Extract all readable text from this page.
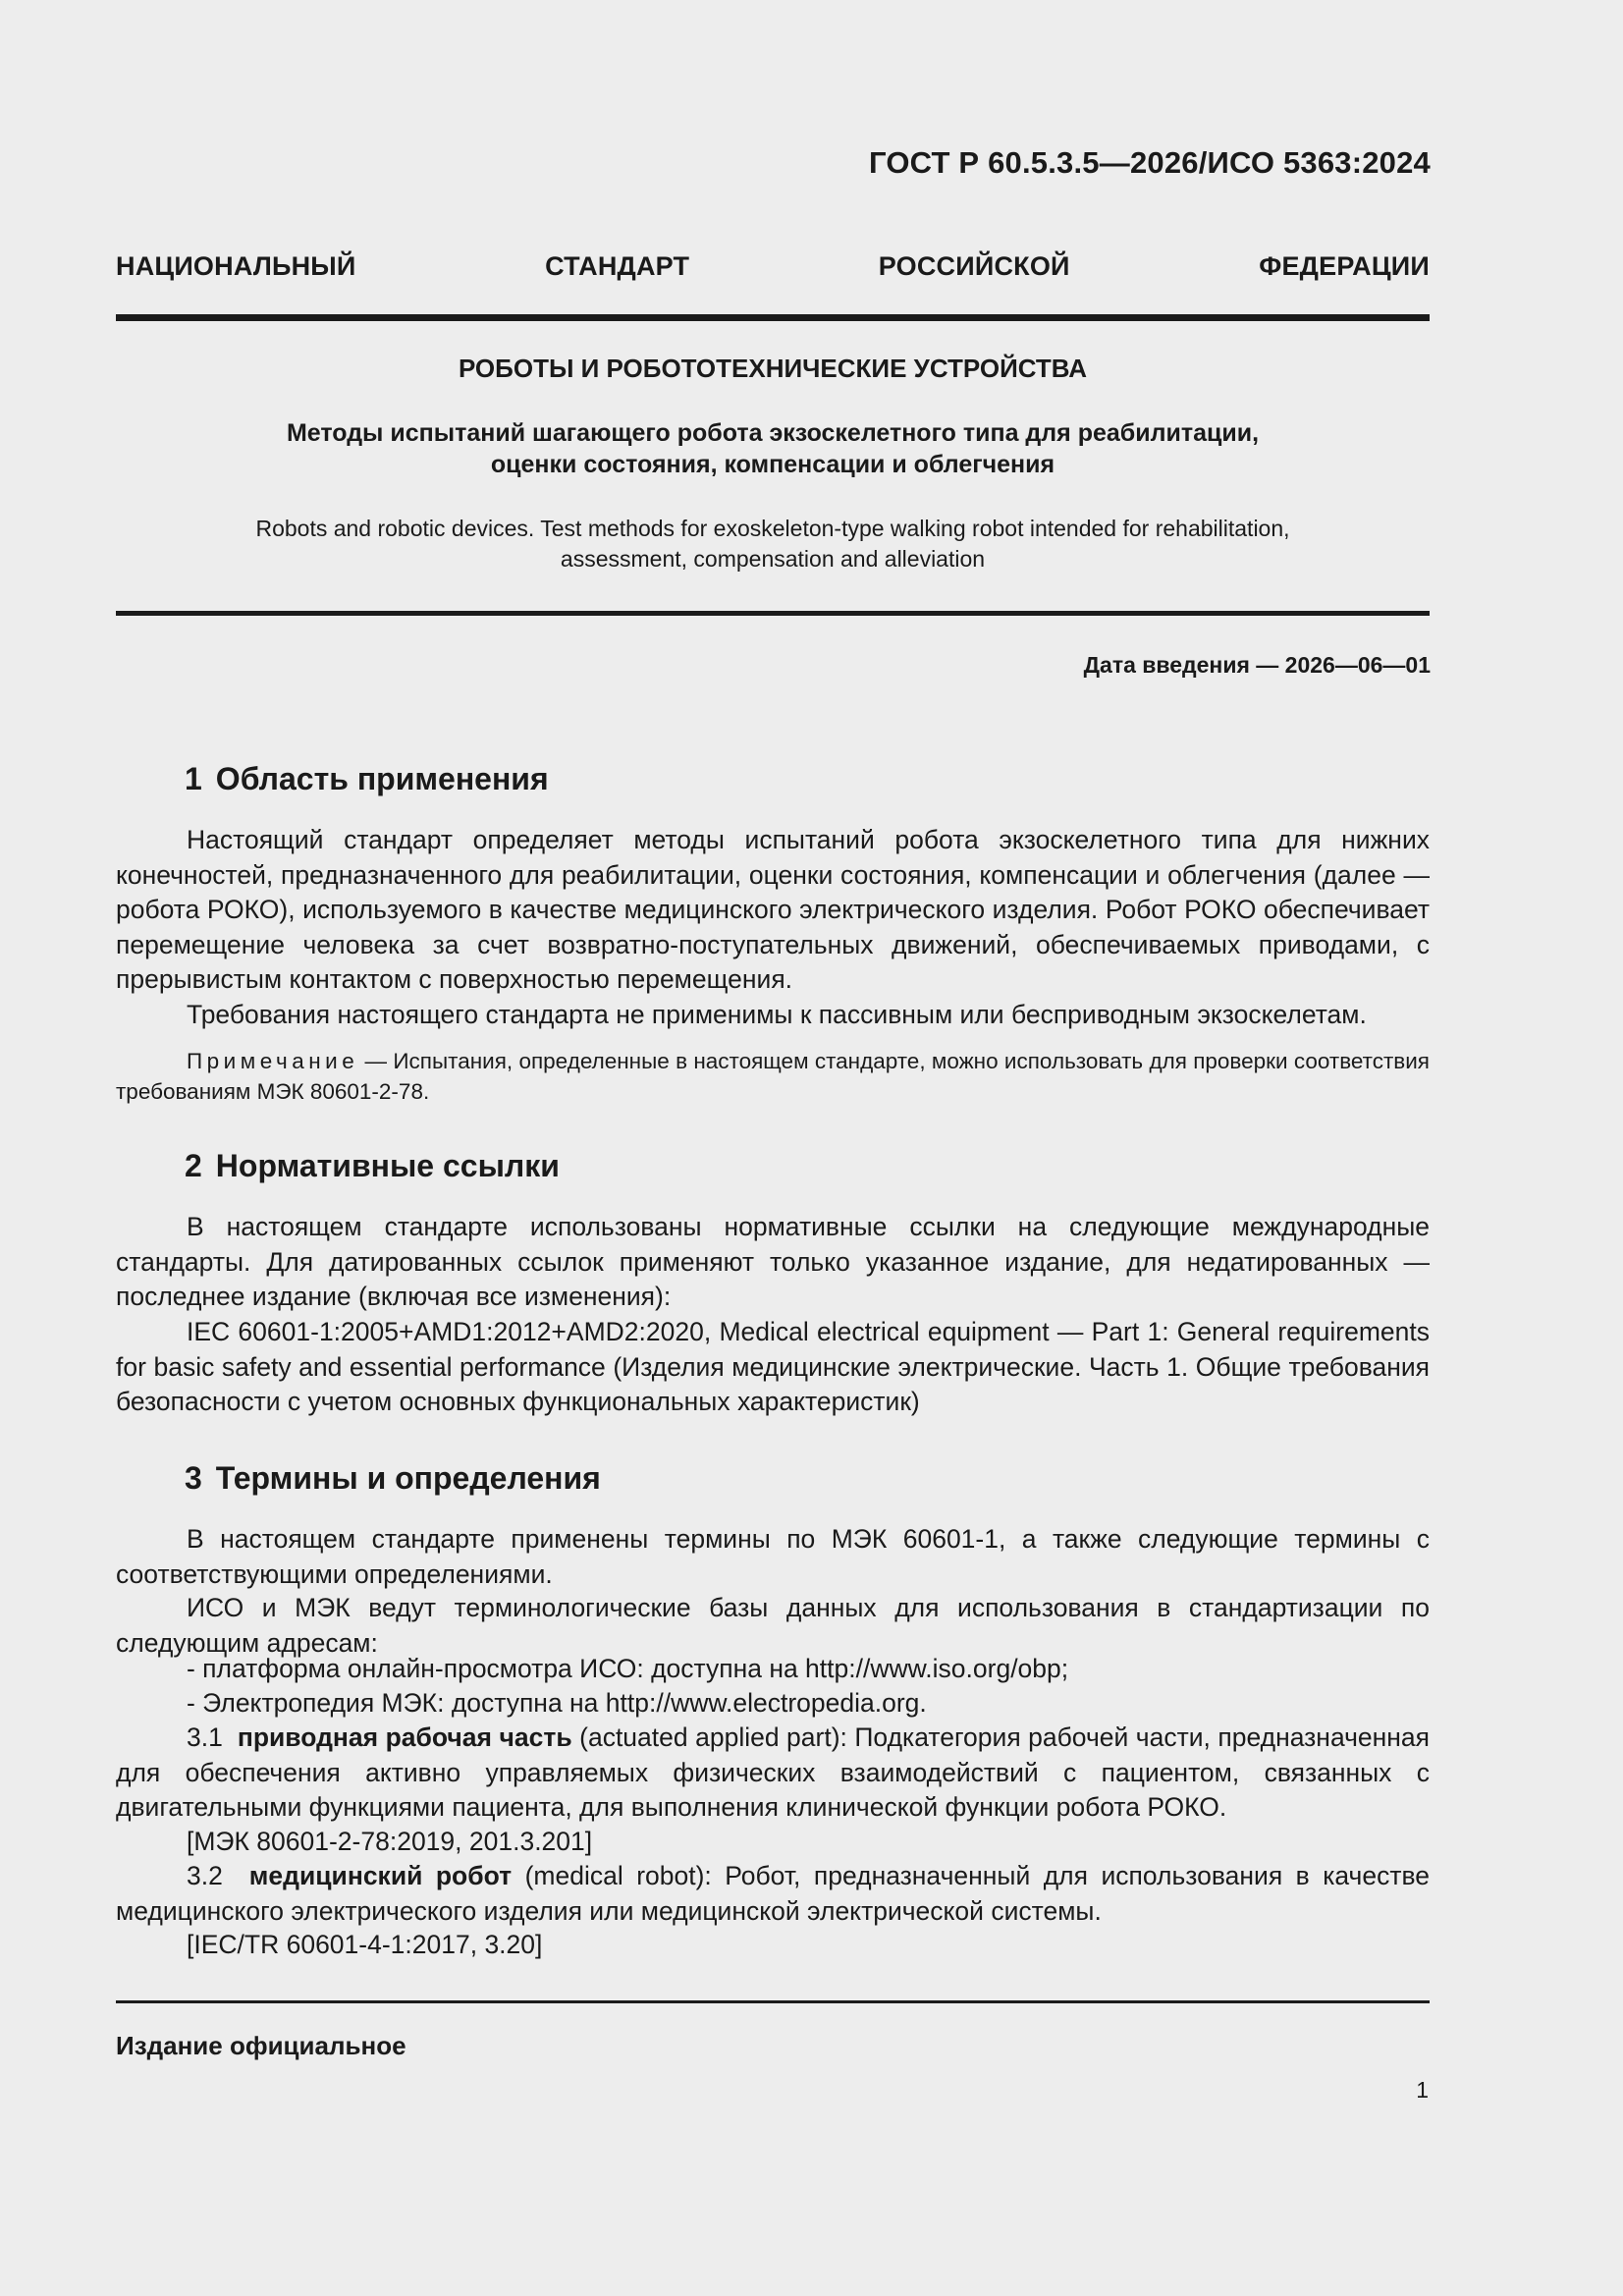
ГОСТ Р 60.5.3.5—2026/ИСО 5363:2024
НАЦИОНАЛЬНЫЙ СТАНДАРТ РОССИЙСКОЙ ФЕДЕРАЦИИ
РОБОТЫ И РОБОТОТЕХНИЧЕСКИЕ УСТРОЙСТВА
Методы испытаний шагающего робота экзоскелетного типа для реабилитации,
оценки состояния, компенсации и облегчения
Robots and robotic devices. Test methods for exoskeleton-type walking robot intended for rehabilitation,
assessment, compensation and alleviation
Дата введения — 2026—06—01
1 Область применения

Настоящий стандарт определяет методы испытаний робота экзоскелетного типа для нижних конечностей, предназначенного для реабилитации, оценки состояния, компенсации и облегчения (далее — робота РОКО), используемого в качестве медицинского электрического изделия. Робот РОКО обеспечивает перемещение человека за счет возвратно-поступательных движений, обеспечиваемых приводами, с прерывистым контактом с поверхностью перемещения.

Требования настоящего стандарта не применимы к пассивным или бесприводным экзоскелетам.

Примечание — Испытания, определенные в настоящем стандарте, можно использовать для проверки соответствия требованиям МЭК 80601-2-78.

2 Нормативные ссылки

В настоящем стандарте использованы нормативные ссылки на следующие международные стандарты. Для датированных ссылок применяют только указанное издание, для недатированных — последнее издание (включая все изменения):

IEC 60601-1:2005+AMD1:2012+AMD2:2020, Medical electrical equipment — Part 1: General requirements for basic safety and essential performance (Изделия медицинские электрические. Часть 1. Общие требования безопасности с учетом основных функциональных характеристик)

3 Термины и определения

В настоящем стандарте применены термины по МЭК 60601-1, а также следующие термины с соответствующими определениями.

ИСО и МЭК ведут терминологические базы данных для использования в стандартизации по следующим адресам:

- платформа онлайн-просмотра ИСО: доступна на http://www.iso.org/obp;
- Электропедия МЭК: доступна на http://www.electropedia.org.

3.1 приводная рабочая часть (actuated applied part): Подкатегория рабочей части, предназначенная для обеспечения активно управляемых физических взаимодействий с пациентом, связанных с двигательными функциями пациента, для выполнения клинической функции робота РОКО.

[МЭК 80601-2-78:2019, 201.3.201]

3.2 медицинский робот (medical robot): Робот, предназначенный для использования в качестве медицинского электрического изделия или медицинской электрической системы.

[IEC/TR 60601-4-1:2017, 3.20]
Издание официальное
1
